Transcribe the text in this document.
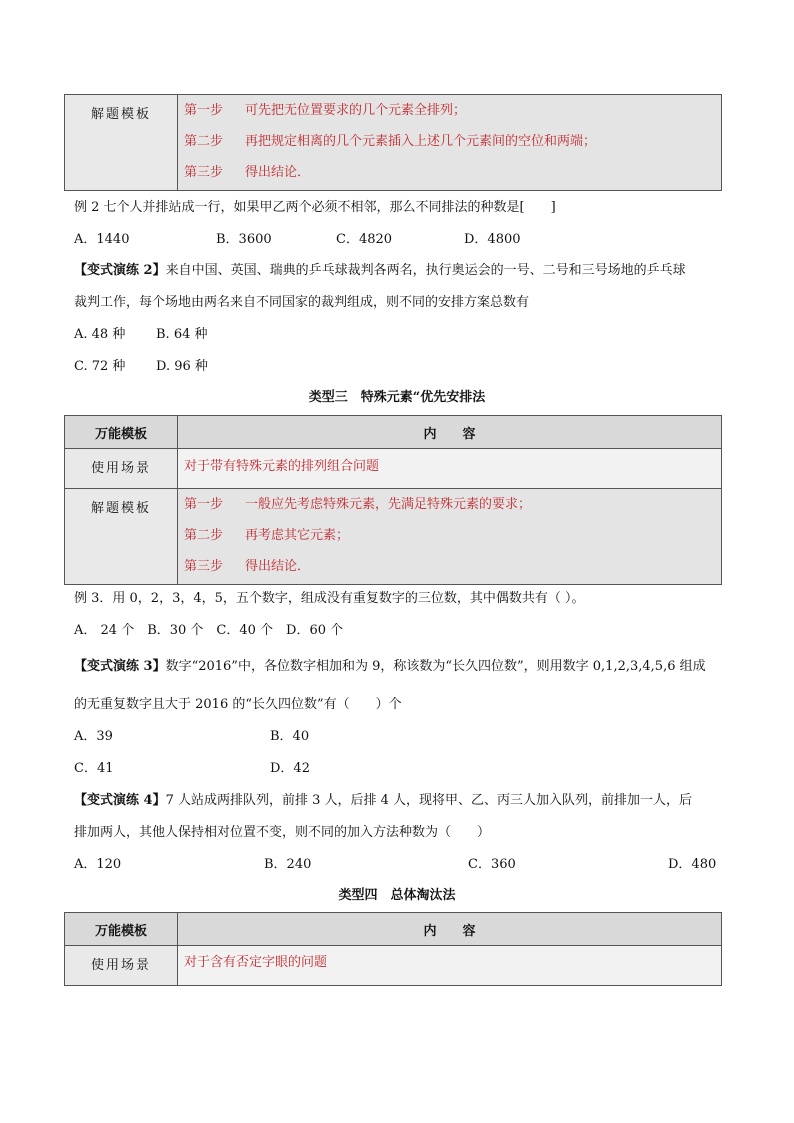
解题模板	第一步 可先把无位置要求的几个元素全排列；
第二步 再把规定相离的几个元素插入上述几个元素间的空位和两端；
第三步 得出结论．
例 2 七个人并排站成一行，如果甲乙两个必须不相邻，那么不同排法的种数是[　　]
A．1440	B．3600	C．4820	D．4800
【变式演练 2】来自中国、英国、瑞典的乒乓球裁判各两名，执行奥运会的一号、二号和三号场地的乒乓球
裁判工作，每个场地由两名来自不同国家的裁判组成，则不同的安排方案总数有
A. 48 种 B. 64 种
C. 72 种 D. 96 种
类型三　特殊元素“优先安排法
万能模板	内　　容
使用场景	对于带有特殊元素的排列组合问题

解题模板	第一步 一般应先考虑特殊元素，先满足特殊元素的要求；
第二步 再考虑其它元素；
第三步 得出结论．
例 3．用 0，2，3，4，5，五个数字，组成没有重复数字的三位数，其中偶数共有（ ）。
A． 24 个　B．30 个　C．40 个　D．60 个
【变式演练 3】数字“2016”中，各位数字相加和为 9，称该数为“长久四位数”，则用数字 0,1,2,3,4,5,6 组成
的无重复数字且大于 2016 的“长久四位数”有（　　）个
A．39	B．40
C．41	D．42
【变式演练 4】7 人站成两排队列，前排 3 人，后排 4 人，现将甲、乙、丙三人加入队列，前排加一人，后
排加两人，其他人保持相对位置不变，则不同的加入方法种数为（　　）
A．120	B．240	C．360	D．480
类型四　总体淘汰法
万能模板	内　　容
使用场景	对于含有否定字眼的问题
